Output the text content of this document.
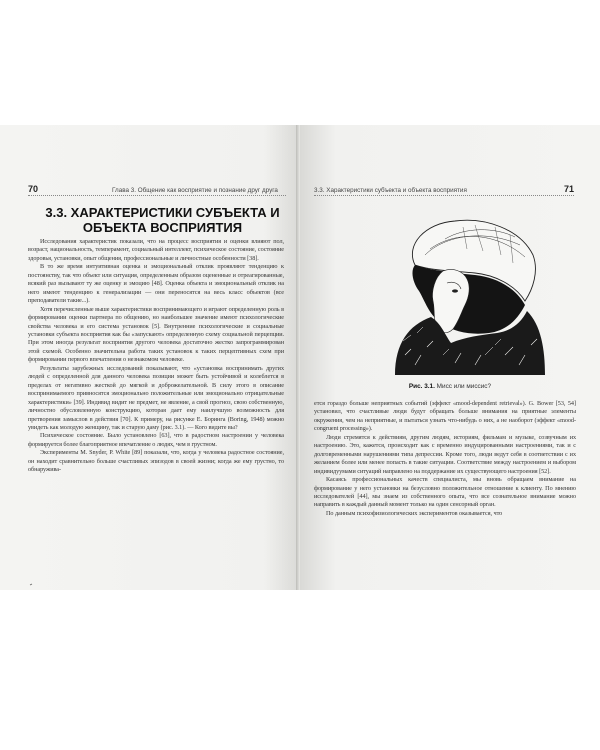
70	Глава 3. Общение как восприятие и познание друг друга
3.3. ХАРАКТЕРИСТИКИ СУБЪЕКТА И ОБЪЕКТА ВОСПРИЯТИЯ

Исследования характеристик показали, что на процесс восприятия и оценки влияют пол, возраст, национальность, темперамент, социальный интеллект, психическое состояние, состояние здоровья, установки, опыт общения, профессиональные и личностные особенности [38].

В то же время интуитивная оценка и эмоциональный отклик проявляют тенденцию к постоянству, так что объект или ситуация, определенным образом оцененные и отреагированные, всякий раз вызывают ту же оценку и эмоцию [48]. Оценка объекта и эмоциональный отклик на него имеют тенденцию к генерализации — они переносятся на весь класс объектов (все преподаватели такие...).

Хотя перечисленные выше характеристики воспринимающего и играют определенную роль в формировании оценки партнера по общению, но наибольшее значение имеют психологические свойства человека и его система установок [5]. Внутренние психологические и социальные установки субъекта восприятия как бы «запускают» определенную схему социальной перцепции. При этом иногда результат восприятия другого человека достаточно жестко запрограммирован этой схемой. Особенно значительна работа таких установок к таких перцептивных схем при формировании первого впечатления о незнакомом человеке.

Результаты зарубежных исследований показывают, что «установка воспринимать других людей с определенной для данного человека позиции может быть устойчивой и колеблется в пределах от негативно жесткой до мягкой и доброжелательной. В силу этого в описание воспринимаемого привносятся эмоционально положительные или эмоционально отрицательные характеристики» [39]. Индивид видит не предмет, не явление, а свой прогноз, свою собственную, личностно обусловленную конструкцию, которая дает ему наилучшую возможность для претворения замыслов в действия [70]. К примеру, на рисунке Е. Боринга (Boring, 1948) можно увидеть как молодую женщину, так и старую даму (рис. 3.1). — Кого видите вы?

Психическое состояние. Было установлено [63], что в радостном настроении у человека формируется более благоприятное впечатление о людях, чем в грустном.

Эксперименты M. Snyder, P. White [89] показали, что, когда у человека радостное состояние, он находит сравнительно больше счастливых эпизодов в своей жизни; когда же ему грустно, то обнаружива-

3.3. Характеристики субъекта и объекта восприятия	71
Рис. 3.1. Мисс или миссис?

ется гораздо больше неприятных событий (эффект «mood-dependent retrieval»). G. Bower [53, 54] установил, что счастливые люди будут обращать больше внимания на приятные элементы окружения, чем на неприятные, и пытаться узнать что-нибудь о них, а не наоборот (эффект «mood-congruent processing»).

Люди стремятся к действиям, другим людям, историям, фильмам и музыке, созвучным их настроению. Это, кажется, происходит как с временно индуцированными настроениями, так и с долговременными нарушениями типа депрессии. Кроме того, люди ведут себя в соответствии с их желанием более или менее попасть в такие ситуации. Соответствие между настроением и выбором индивидуумами ситуаций направлено на поддержание их существующего настроения [52].

Касаясь профессиональных качеств специалиста, мы вновь обращаем внимание на формирование у него установки на безусловно положительное отношение к клиенту. По мнению исследователей [44], мы знаем из собственного опыта, что все сознательное внимание можно направить в каждый данный момент только на один сенсорный орган.

По данным психофизиологических экспериментов оказывается, что
